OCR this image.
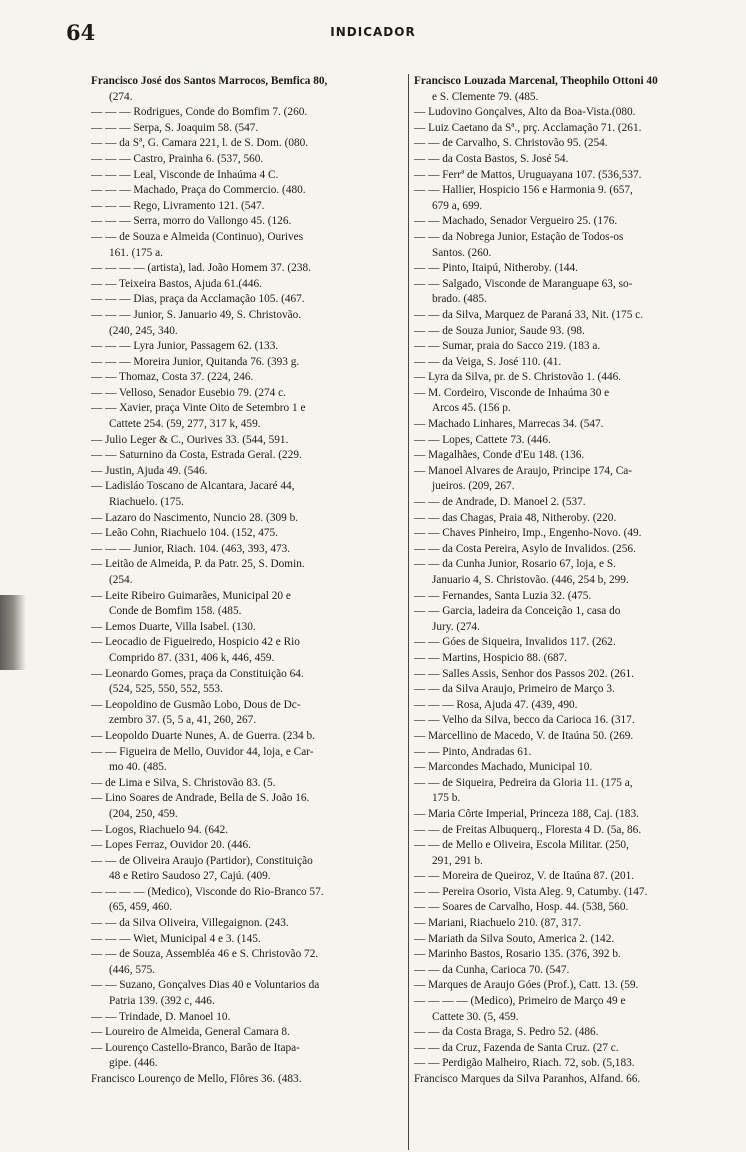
64	INDICADOR
Francisco José dos Santos Marrocos, Bemfica 80,
(274.
— — — Rodrigues, Conde do Bomfim 7. (260.
— — — Serpa, S. Joaquim 58. (547.
— — da Sª, G. Camara 221, l. de S. Dom. (080.
— — — Castro, Prainha 6. (537, 560.
— — — Leal, Visconde de Inhaúma 4 C.
— — — Machado, Praça do Commercio. (480.
— — — Rego, Livramento 121. (547.
— — — Serra, morro do Vallongo 45. (126.
— — de Souza e Almeida (Continuo), Ourives
161. (175 a.
— — — — (artista), lad. João Homem 37. (238.
— — Teixeira Bastos, Ajuda 61.(446.
— — — Dias, praça da Acclamação 105. (467.
— — — Junior, S. Januario 49, S. Christovão.
(240, 245, 340.
— — — Lyra Junior, Passagem 62. (133.
— — — Moreira Junior, Quitanda 76. (393 g.
— — Thomaz, Costa 37. (224, 246.
— — Velloso, Senador Eusebio 79. (274 c.
— — Xavier, praça Vinte Oito de Setembro 1 e
Cattete 254. (59, 277, 317 k, 459.
— Julio Leger & C., Ourives 33. (544, 591.
— — Saturnino da Costa, Estrada Geral. (229.
— Justin, Ajuda 49. (546.
— Ladisláo Toscano de Alcantara, Jacaré 44,
Riachuelo. (175.
— Lazaro do Nascimento, Nuncio 28. (309 b.
— Leão Cohn, Riachuelo 104. (152, 475.
— — — Junior, Riach. 104. (463, 393, 473.
— Leitão de Almeida, P. da Patr. 25, S. Domin.
(254.
— Leite Ribeiro Guimarães, Municipal 20 e
Conde de Bomfim 158. (485.
— Lemos Duarte, Villa Isabel. (130.
— Leocadio de Figueiredo, Hospicio 42 e Rio
Comprido 87. (331, 406 k, 446, 459.
— Leonardo Gomes, praça da Constituição 64.
(524, 525, 550, 552, 553.
— Leopoldino de Gusmão Lobo, Dous de Dc-
zembro 37. (5, 5 a, 41, 260, 267.
— Leopoldo Duarte Nunes, A. de Guerra. (234 b.
— — Figueira de Mello, Ouvidor 44, loja, e Car-
mo 40. (485.
— de Lima e Silva, S. Christovão 83. (5.
— Lino Soares de Andrade, Bella de S. João 16.
(204, 250, 459.
— Logos, Riachuelo 94. (642.
— Lopes Ferraz, Ouvidor 20. (446.
— — de Oliveira Araujo (Partidor), Constituição
48 e Retiro Saudoso 27, Cajú. (409.
— — — — (Medico), Visconde do Rio-Branco 57.
(65, 459, 460.
— — da Silva Oliveira, Villegaignon. (243.
— — — Wiet, Municipal 4 e 3. (145.
— — de Souza, Assembléa 46 e S. Christovão 72.
(446, 575.
— — Suzano, Gonçalves Dias 40 e Voluntarios da
Patria 139. (392 c, 446.
— — Trindade, D. Manoel 10.
— Loureiro de Almeida, General Camara 8.
— Lourenço Castello-Branco, Barão de Itapa-
gipe. (446.
Francisco Lourenço de Mello, Flôres 36. (483.
Francisco Louzada Marcenal, Theophilo Ottoni 40
e S. Clemente 79. (485.
— Ludovino Gonçalves, Alto da Boa-Vista.(080.
— Luiz Caetano da Sª., prç. Acclamação 71. (261.
— — de Carvalho, S. Christovão 95. (254.
— — da Costa Bastos, S. José 54.
— — Ferrª de Mattos, Uruguayana 107. (536,537.
— — Hallier, Hospicio 156 e Harmonia 9. (657,
679 a, 699.
— — Machado, Senador Vergueiro 25. (176.
— — da Nobrega Junior, Estação de Todos-os
Santos. (260.
— — Pinto, Itaipú, Nitheroby. (144.
— — Salgado, Visconde de Maranguape 63, so-
brado. (485.
— — da Silva, Marquez de Paraná 33, Nit. (175 c.
— — de Souza Junior, Saude 93. (98.
— — Sumar, praia do Sacco 219. (183 a.
— — da Veiga, S. José 110. (41.
— Lyra da Silva, pr. de S. Christovão 1. (446.
— M. Cordeiro, Visconde de Inhaúma 30 e
Arcos 45. (156 p.
— Machado Linhares, Marrecas 34. (547.
— — Lopes, Cattete 73. (446.
— Magalhães, Conde d'Eu 148. (136.
— Manoel Alvares de Araujo, Principe 174, Ca-
jueiros. (209, 267.
— — de Andrade, D. Manoel 2. (537.
— — das Chagas, Praia 48, Nitheroby. (220.
— — Chaves Pinheiro, Imp., Engenho-Novo. (49.
— — da Costa Pereira, Asylo de Invalidos. (256.
— — da Cunha Junior, Rosario 67, loja, e S.
Januario 4, S. Christovão. (446, 254 b, 299.
— — Fernandes, Santa Luzia 32. (475.
— — Garcia, ladeira da Conceição 1, casa do
Jury. (274.
— — Góes de Siqueira, Invalidos 117. (262.
— — Martins, Hospicio 88. (687.
— — Salles Assis, Senhor dos Passos 202. (261.
— — da Silva Araujo, Primeiro de Março 3.
— — — Rosa, Ajuda 47. (439, 490.
— — Velho da Silva, becco da Carioca 16. (317.
— Marcellino de Macedo, V. de Itaúna 50. (269.
— — Pinto, Andradas 61.
— Marcondes Machado, Municipal 10.
— — de Siqueira, Pedreira da Gloria 11. (175 a,
175 b.
— Maria Côrte Imperial, Princeza 188, Caj. (183.
— — de Freitas Albuquerq., Floresta 4 D. (5a, 86.
— — de Mello e Oliveira, Escola Militar. (250,
291, 291 b.
— — Moreira de Queiroz, V. de Itaúna 87. (201.
— — Pereira Osorio, Vista Aleg. 9, Catumby. (147.
— — Soares de Carvalho, Hosp. 44. (538, 560.
— Mariani, Riachuelo 210. (87, 317.
— Mariath da Silva Souto, America 2. (142.
— Marinho Bastos, Rosario 135. (376, 392 b.
— — da Cunha, Carioca 70. (547.
— Marques de Araujo Góes (Prof.), Catt. 13. (59.
— — — — (Medico), Primeiro de Março 49 e
Cattete 30. (5, 459.
— — da Costa Braga, S. Pedro 52. (486.
— — da Cruz, Fazenda de Santa Cruz. (27 c.
— — Perdigão Malheiro, Riach. 72, sob. (5,183.
Francisco Marques da Silva Paranhos, Alfand. 66.
